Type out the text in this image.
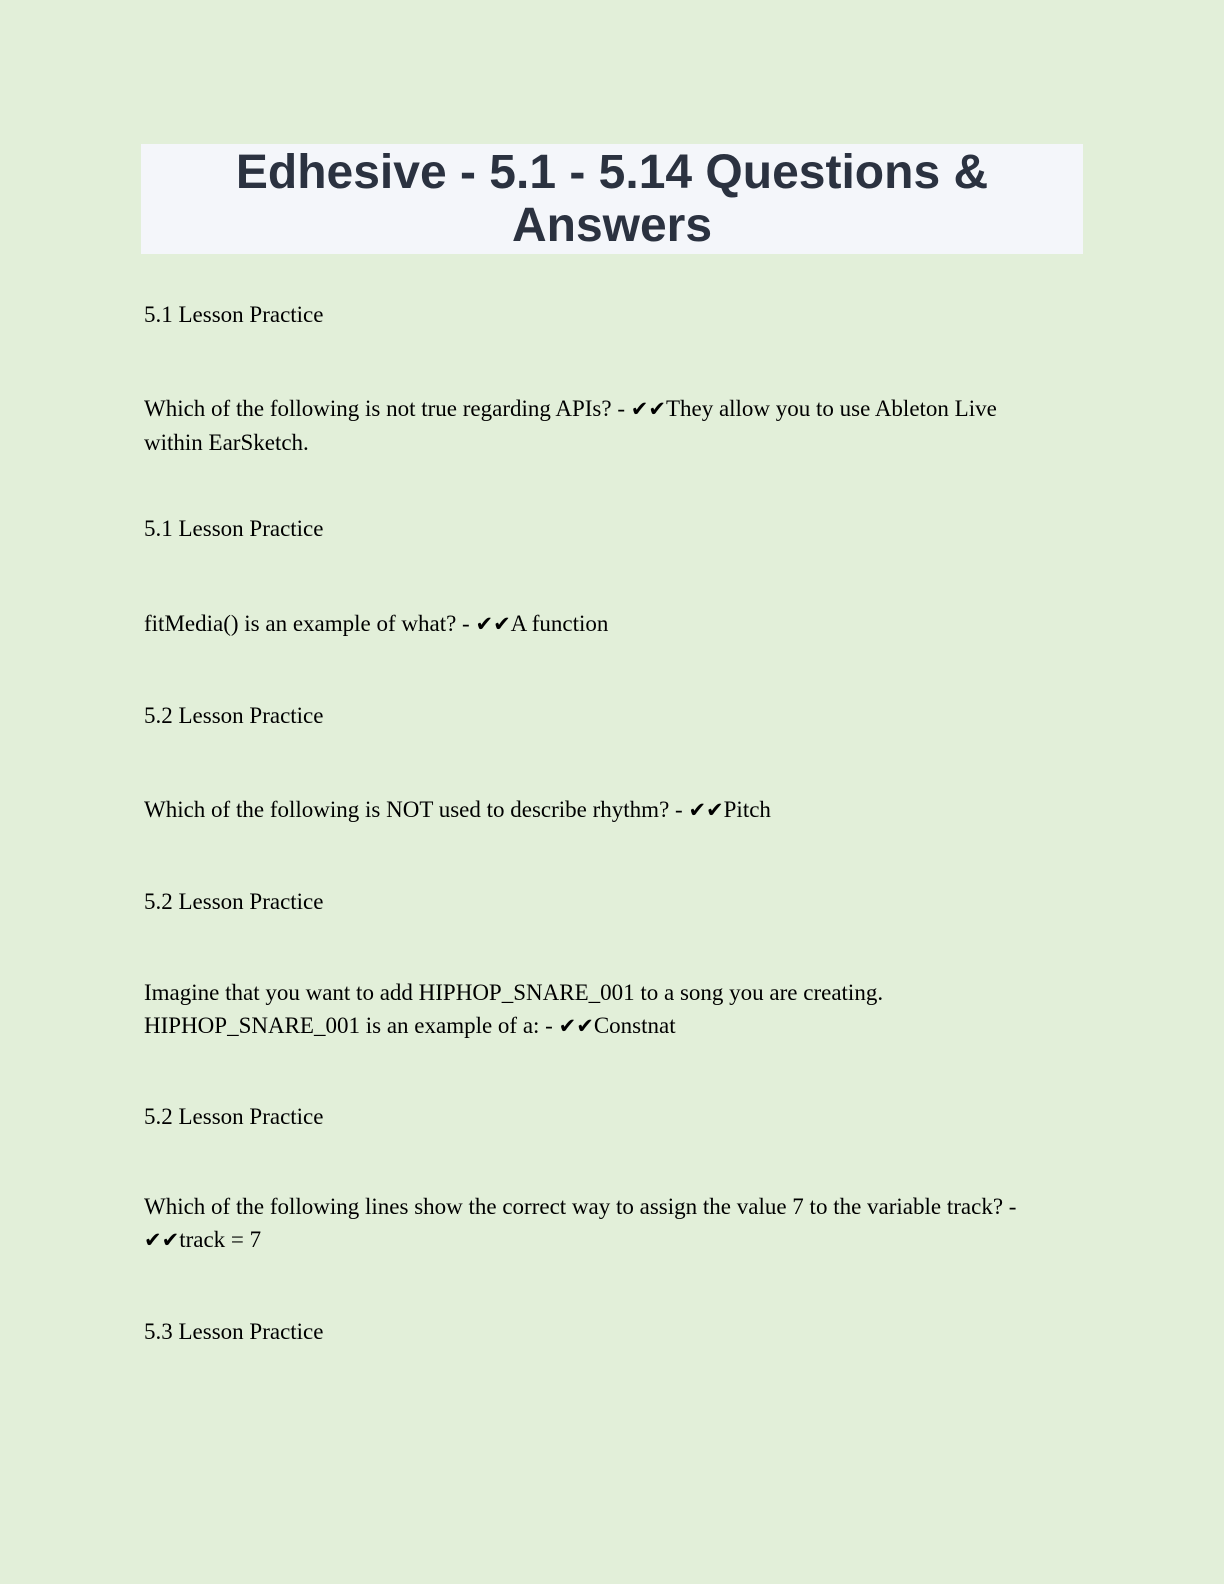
Edhesive - 5.1 - 5.14 Questions & Answers

5.1 Lesson Practice

Which of the following is not true regarding APIs? - ✔✔They allow you to use Ableton Live within EarSketch.

5.1 Lesson Practice

fitMedia() is an example of what? - ✔✔A function

5.2 Lesson Practice

Which of the following is NOT used to describe rhythm? - ✔✔Pitch

5.2 Lesson Practice

Imagine that you want to add HIPHOP_SNARE_001 to a song you are creating. HIPHOP_SNARE_001 is an example of a: - ✔✔Constnat

5.2 Lesson Practice

Which of the following lines show the correct way to assign the value 7 to the variable track? - ✔✔track = 7

5.3 Lesson Practice
